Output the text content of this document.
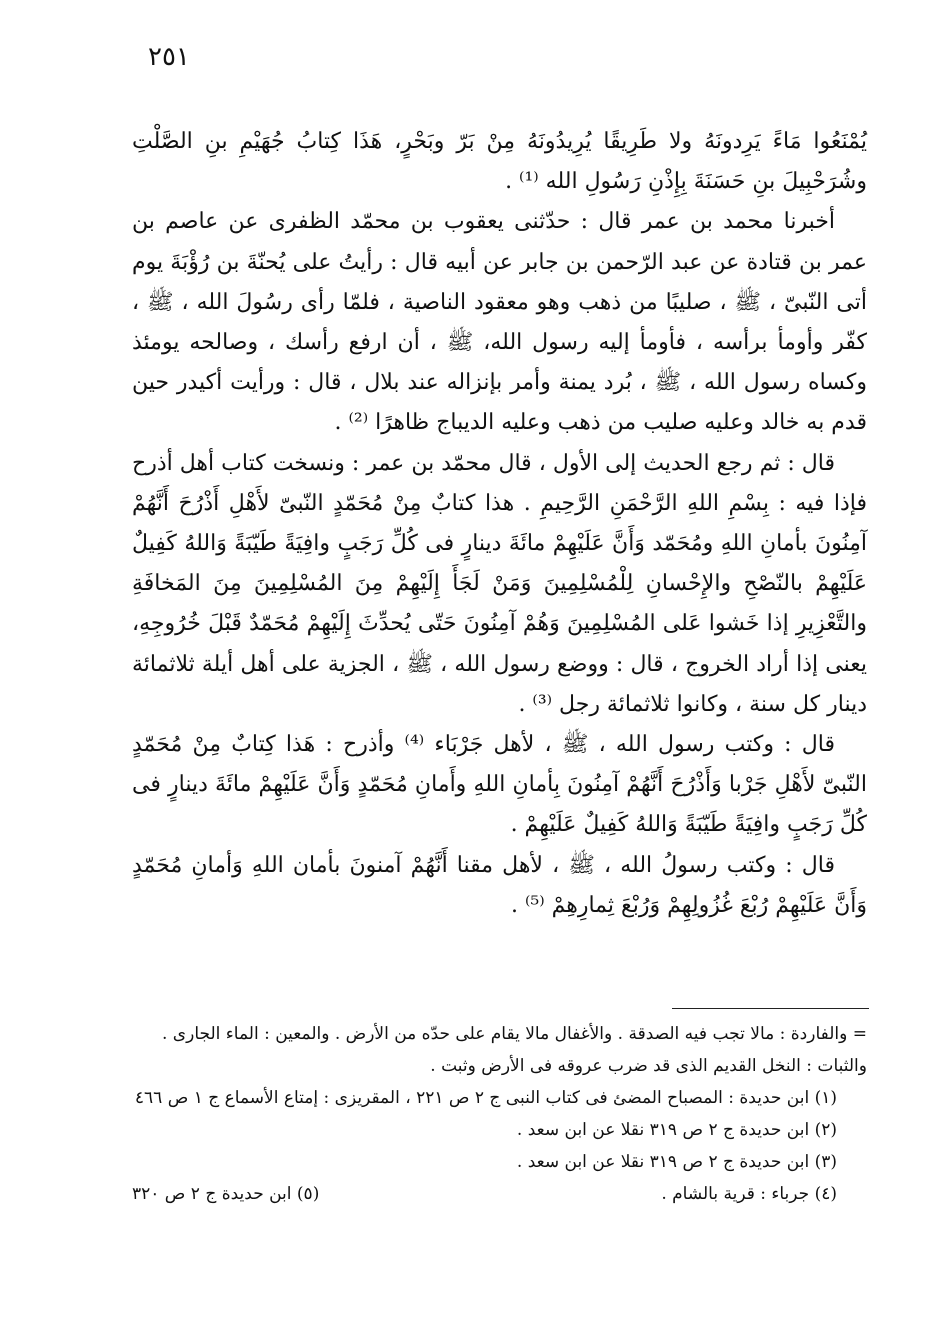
٢٥١

يُمْنَعُوا مَاءً يَرِدونَهُ ولا طَرِيقًا يُرِيدُونَهُ مِنْ بَرّ وبَحْرٍ، هَذَا كِتابُ جُهَيْمِ بنِ الصَّلْتِ وشُرَحْبِيلَ بنِ حَسَنَةَ بِإِذْنِ رَسُولِ الله ⁽¹⁾ .

أخبرنا محمد بن عمر قال : حدّثنى يعقوب بن محمّد الظفرى عن عاصم بن عمر بن قتادة عن عبد الرّحمن بن جابر عن أبيه قال : رأيتُ على يُحنّةَ بن رُؤْبَةَ يوم أتى النّبىّ ، ﷺ ، صليبًا من ذهب وهو معقود الناصية ، فلمّا رأى رسُولَ الله ، ﷺ ، كفّر وأومأ برأسه ، فأومأ إليه رسول الله، ﷺ ، أن ارفع رأسك ، وصالحه يومئذ وكساه رسول الله ، ﷺ ، بُرد يمنة وأمر بإنزاله عند بلال ، قال : ورأيت أكيدر حين قدم به خالد وعليه صليب من ذهب وعليه الديباج ظاهرًا ⁽²⁾ .

قال : ثم رجع الحديث إلى الأول ، قال محمّد بن عمر : ونسخت كتاب أهل أذرح فإذا فيه : بِسْمِ اللهِ الرَّحْمَنِ الرَّحِيمِ . هذا كتابٌ مِنْ مُحَمّدٍ النّبىّ لأَهْلِ أَذْرُحَ أَنَّهُمْ آمِنُونَ بأمانِ اللهِ ومُحَمّد وَأَنَّ عَلَيْهِمْ مائَةَ دينارٍ فى كُلِّ رَجَبٍ وافِيَةً طَيّبَةً وَاللهُ كَفِيلٌ عَلَيْهِمْ بالنّصْحِ والإِحْسانِ لِلْمُسْلِمِينَ وَمَنْ لَجَأَ إِلَيْهِمْ مِنَ المُسْلِمِينَ مِنَ المَخافَةِ والتَّعْزِيرِ إذا خَشوا عَلى المُسْلِمِينَ وَهُمْ آمِنُونَ حَتّى يُحدِّثَ إِلَيْهِمْ مُحَمّدٌ قَبْلَ خُرُوجِهِ، يعنى إذا أراد الخروج ، قال : ووضع رسول الله ، ﷺ ، الجزية على أهل أيلة ثلاثمائة دينار كل سنة ، وكانوا ثلاثمائة رجل ⁽³⁾ .

قال : وكتب رسول الله ، ﷺ ، لأهل جَرْبَاء ⁽⁴⁾ وأذرح : هَذا كِتابٌ مِنْ مُحَمّدٍ النّبىّ لأَهْلِ جَرْبا وَأَذْرُحَ أَنَّهُمْ آمِنُونَ بِأمانِ اللهِ وأَمانِ مُحَمّدٍ وَأَنَّ عَلَيْهِمْ مائَةَ دينارٍ فى كُلِّ رَجَبٍ وافِيَةً طَيّبَةً وَاللهُ كَفِيلٌ عَلَيْهِمْ .

قال : وكتب رسولُ الله ، ﷺ ، لأهل مقنا أَنَّهُمْ آمنونَ بأمان اللهِ وَأمانِ مُحَمّدٍ وَأَنَّ عَلَيْهِمْ رُبْعَ غُزُولِهِمْ وَرُبْعَ ثِمارِهِمْ ⁽⁵⁾ .

= والفاردة : مالا تجب فيه الصدقة . والأغفال مالا يقام على حدّه من الأرض . والمعين : الماء الجارى .

والثبات : النخل القديم الذى قد ضرب عروقه فى الأرض وثبت .

(١) ابن حديدة : المصباح المضئ فى كتاب النبى ج ٢ ص ٢٢١ ، المقريزى : إمتاع الأسماع ج ١ ص ٤٦٦

(٢) ابن حديدة ج ٢ ص ٣١٩ نقلا عن ابن سعد .

(٣) ابن حديدة ج ٢ ص ٣١٩ نقلا عن ابن سعد .

(٤) جرباء : قرية بالشام .
(٥) ابن حديدة ج ٢ ص ٣٢٠
